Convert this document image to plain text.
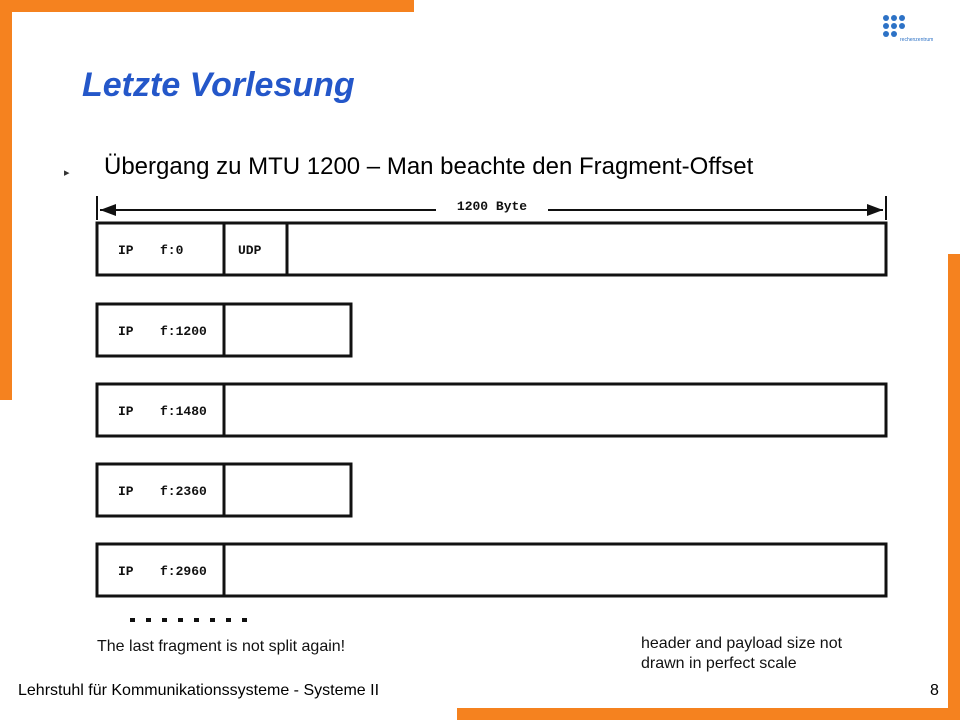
rechenzentrum
Letzte Vorlesung
▸ Übergang zu MTU 1200 – Man beachte den Fragment-Offset
1200 Byte
IP f:0	UDP
IP f:1200
IP f:1480
IP f:2360
IP f:2960
The last fragment is not split again!	header and payload size not
drawn in perfect scale
Lehrstuhl für Kommunikationssysteme - Systeme II	8
